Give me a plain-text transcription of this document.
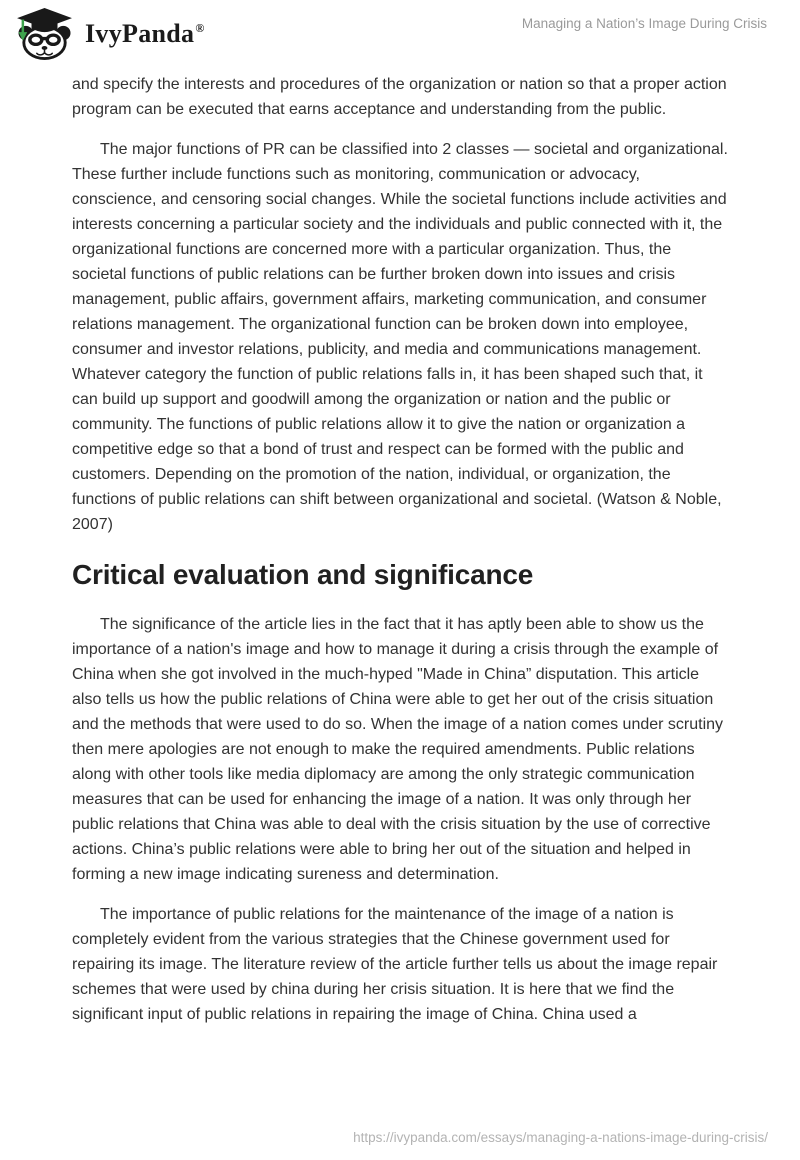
IvyPanda®	Managing a Nation’s Image During Crisis

and specify the interests and procedures of the organization or nation so that a proper action program can be executed that earns acceptance and understanding from the public.

The major functions of PR can be classified into 2 classes — societal and organizational. These further include functions such as monitoring, communication or advocacy, conscience, and censoring social changes. While the societal functions include activities and interests concerning a particular society and the individuals and public connected with it, the organizational functions are concerned more with a particular organization. Thus, the societal functions of public relations can be further broken down into issues and crisis management, public affairs, government affairs, marketing communication, and consumer relations management. The organizational function can be broken down into employee, consumer and investor relations, publicity, and media and communications management. Whatever category the function of public relations falls in, it has been shaped such that, it can build up support and goodwill among the organization or nation and the public or community. The functions of public relations allow it to give the nation or organization a competitive edge so that a bond of trust and respect can be formed with the public and customers. Depending on the promotion of the nation, individual, or organization, the functions of public relations can shift between organizational and societal. (Watson & Noble, 2007)

Critical evaluation and significance

The significance of the article lies in the fact that it has aptly been able to show us the importance of a nation's image and how to manage it during a crisis through the example of China when she got involved in the much-hyped "Made in China” disputation. This article also tells us how the public relations of China were able to get her out of the crisis situation and the methods that were used to do so. When the image of a nation comes under scrutiny then mere apologies are not enough to make the required amendments. Public relations along with other tools like media diplomacy are among the only strategic communication measures that can be used for enhancing the image of a nation. It was only through her public relations that China was able to deal with the crisis situation by the use of corrective actions. China’s public relations were able to bring her out of the situation and helped in forming a new image indicating sureness and determination.

The importance of public relations for the maintenance of the image of a nation is completely evident from the various strategies that the Chinese government used for repairing its image. The literature review of the article further tells us about the image repair schemes that were used by china during her crisis situation. It is here that we find the significant input of public relations in repairing the image of China. China used a

https://ivypanda.com/essays/managing-a-nations-image-during-crisis/
